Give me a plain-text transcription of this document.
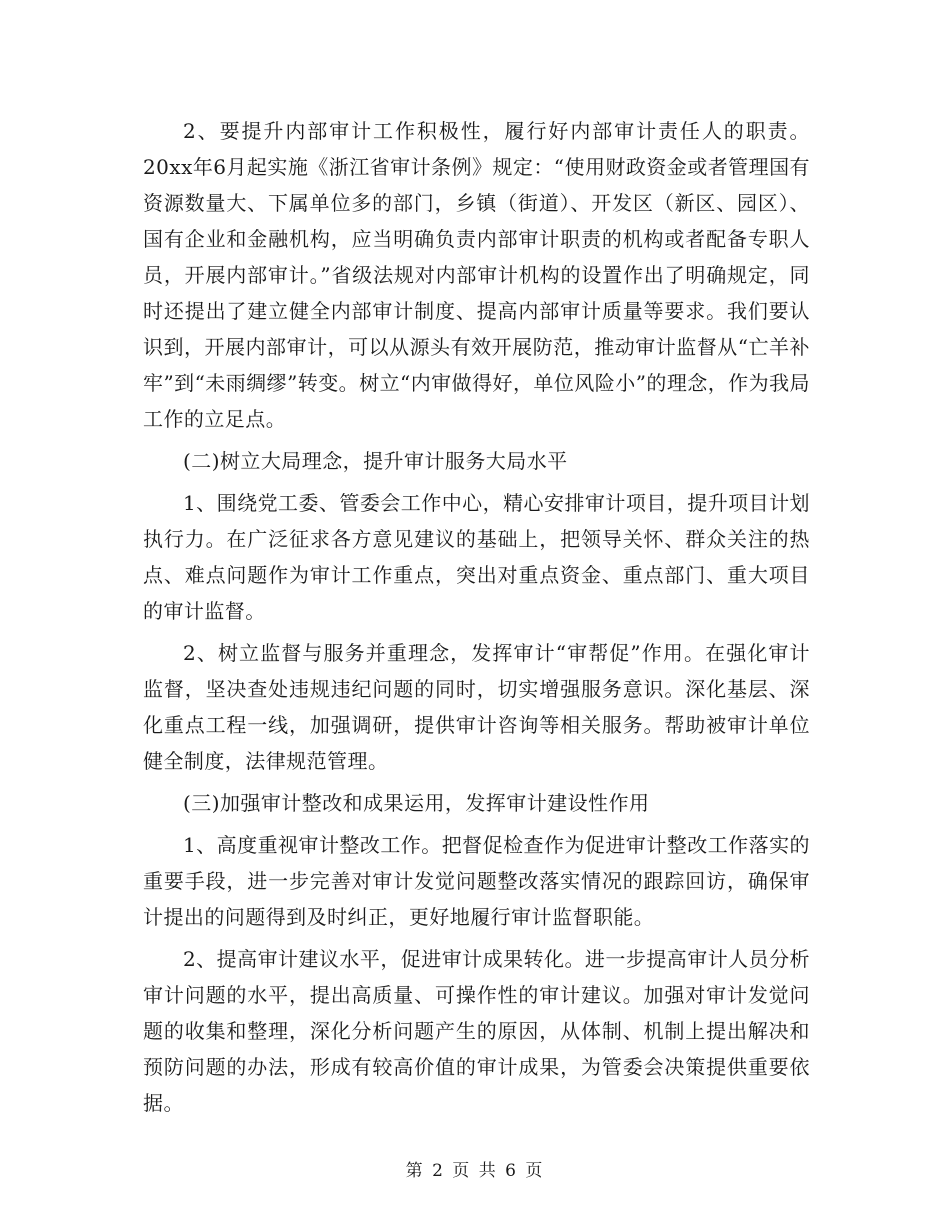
2、要提升内部审计工作积极性，履行好内部审计责任人的职责。20xx年6月起实施《浙江省审计条例》规定：“使用财政资金或者管理国有资源数量大、下属单位多的部门，乡镇（街道）、开发区（新区、园区）、国有企业和金融机构，应当明确负责内部审计职责的机构或者配备专职人员，开展内部审计。”省级法规对内部审计机构的设置作出了明确规定，同时还提出了建立健全内部审计制度、提高内部审计质量等要求。我们要认识到，开展内部审计，可以从源头有效开展防范，推动审计监督从“亡羊补牢”到“未雨绸缪”转变。树立“内审做得好，单位风险小”的理念，作为我局工作的立足点。

(二)树立大局理念，提升审计服务大局水平

1、围绕党工委、管委会工作中心，精心安排审计项目，提升项目计划执行力。在广泛征求各方意见建议的基础上，把领导关怀、群众关注的热点、难点问题作为审计工作重点，突出对重点资金、重点部门、重大项目的审计监督。

2、树立监督与服务并重理念，发挥审计“审帮促”作用。在强化审计监督，坚决查处违规违纪问题的同时，切实增强服务意识。深化基层、深化重点工程一线，加强调研，提供审计咨询等相关服务。帮助被审计单位健全制度，法律规范管理。

(三)加强审计整改和成果运用，发挥审计建设性作用

1、高度重视审计整改工作。把督促检查作为促进审计整改工作落实的重要手段，进一步完善对审计发觉问题整改落实情况的跟踪回访，确保审计提出的问题得到及时纠正，更好地履行审计监督职能。

2、提高审计建议水平，促进审计成果转化。进一步提高审计人员分析审计问题的水平，提出高质量、可操作性的审计建议。加强对审计发觉问题的收集和整理，深化分析问题产生的原因，从体制、机制上提出解决和预防问题的办法，形成有较高价值的审计成果，为管委会决策提供重要依据。

第 2 页 共 6 页
